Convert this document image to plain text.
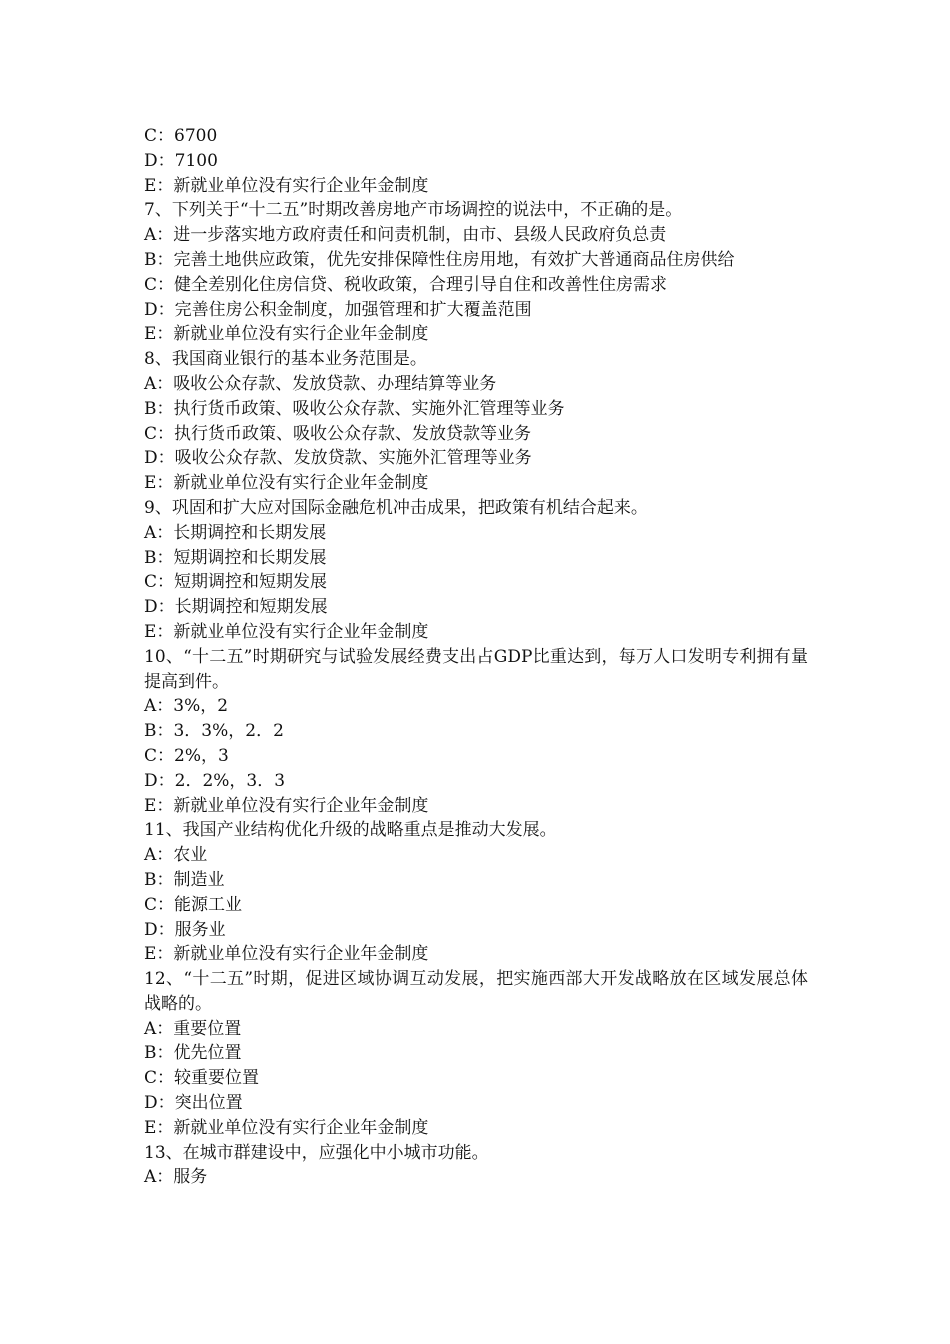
C：6700

D：7100

E：新就业单位没有实行企业年金制度

7、下列关于“十二五”时期改善房地产市场调控的说法中，不正确的是。

A：进一步落实地方政府责任和问责机制，由市、县级人民政府负总责

B：完善土地供应政策，优先安排保障性住房用地，有效扩大普通商品住房供给

C：健全差别化住房信贷、税收政策，合理引导自住和改善性住房需求

D：完善住房公积金制度，加强管理和扩大覆盖范围

E：新就业单位没有实行企业年金制度

8、我国商业银行的基本业务范围是。

A：吸收公众存款、发放贷款、办理结算等业务

B：执行货币政策、吸收公众存款、实施外汇管理等业务

C：执行货币政策、吸收公众存款、发放贷款等业务

D：吸收公众存款、发放贷款、实施外汇管理等业务

E：新就业单位没有实行企业年金制度

9、巩固和扩大应对国际金融危机冲击成果，把政策有机结合起来。

A：长期调控和长期发展

B：短期调控和长期发展

C：短期调控和短期发展

D：长期调控和短期发展

E：新就业单位没有实行企业年金制度

10、“十二五”时期研究与试验发展经费支出占GDP比重达到，每万人口发明专利拥有量提高到件。

A：3%，2

B：3．3%，2．2

C：2%，3

D：2．2%，3．3

E：新就业单位没有实行企业年金制度

11、我国产业结构优化升级的战略重点是推动大发展。

A：农业

B：制造业

C：能源工业

D：服务业

E：新就业单位没有实行企业年金制度

12、“十二五”时期，促进区域协调互动发展，把实施西部大开发战略放在区域发展总体战略的。

A：重要位置

B：优先位置

C：较重要位置

D：突出位置

E：新就业单位没有实行企业年金制度

13、在城市群建设中，应强化中小城市功能。

A：服务
